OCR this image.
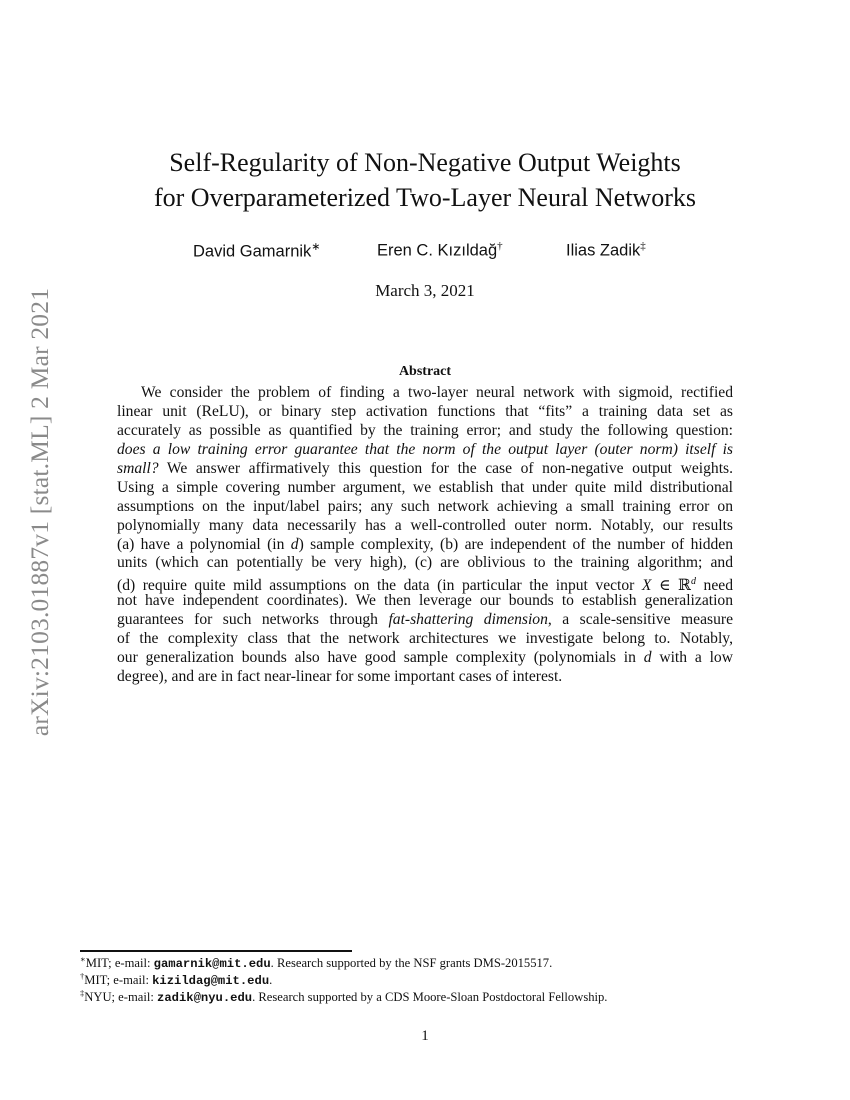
arXiv:2103.01887v1 [stat.ML] 2 Mar 2021
Self-Regularity of Non-Negative Output Weights
for Overparameterized Two-Layer Neural Networks
David Gamarnik∗	Eren C. Kızıldağ†	Ilias Zadik‡
March 3, 2021
Abstract
We consider the problem of finding a two-layer neural network with sigmoid, rectified
linear unit (ReLU), or binary step activation functions that “fits” a training data set as
accurately as possible as quantified by the training error; and study the following question:
does a low training error guarantee that the norm of the output layer (outer norm) itself is
small? We answer affirmatively this question for the case of non-negative output weights.
Using a simple covering number argument, we establish that under quite mild distributional
assumptions on the input/label pairs; any such network achieving a small training error on
polynomially many data necessarily has a well-controlled outer norm. Notably, our results
(a) have a polynomial (in d) sample complexity, (b) are independent of the number of hidden
units (which can potentially be very high), (c) are oblivious to the training algorithm; and
(d) require quite mild assumptions on the data (in particular the input vector X ∈ ℝ$^d$ need
not have independent coordinates). We then leverage our bounds to establish generalization
guarantees for such networks through fat-shattering dimension, a scale-sensitive measure
of the complexity class that the network architectures we investigate belong to. Notably,
our generalization bounds also have good sample complexity (polynomials in d with a low
degree), and are in fact near-linear for some important cases of interest.
∗MIT; e-mail: gamarnik@mit.edu. Research supported by the NSF grants DMS-2015517.
†MIT; e-mail: kizildag@mit.edu.
‡NYU; e-mail: zadik@nyu.edu. Research supported by a CDS Moore-Sloan Postdoctoral Fellowship.
1
